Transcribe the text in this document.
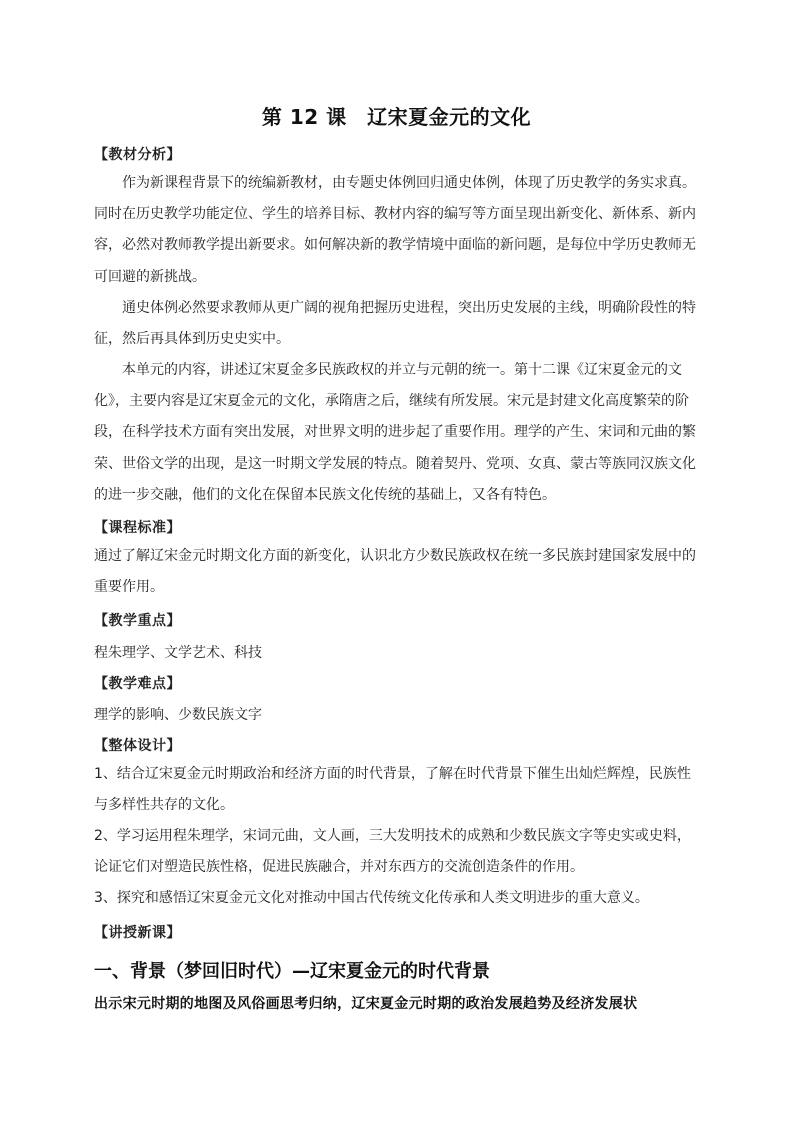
第 12 课　辽宋夏金元的文化
【教材分析】
作为新课程背景下的统编新教材，由专题史体例回归通史体例，体现了历史教学的务实求真。同时在历史教学功能定位、学生的培养目标、教材内容的编写等方面呈现出新变化、新体系、新内容，必然对教师教学提出新要求。如何解决新的教学情境中面临的新问题，是每位中学历史教师无可回避的新挑战。
通史体例必然要求教师从更广阔的视角把握历史进程，突出历史发展的主线，明确阶段性的特征，然后再具体到历史史实中。
本单元的内容，讲述辽宋夏金多民族政权的并立与元朝的统一。第十二课《辽宋夏金元的文化》，主要内容是辽宋夏金元的文化，承隋唐之后，继续有所发展。宋元是封建文化高度繁荣的阶段，在科学技术方面有突出发展，对世界文明的进步起了重要作用。理学的产生、宋词和元曲的繁荣、世俗文学的出现，是这一时期文学发展的特点。随着契丹、党项、女真、蒙古等族同汉族文化的进一步交融，他们的文化在保留本民族文化传统的基础上，又各有特色。
【课程标准】
通过了解辽宋金元时期文化方面的新变化，认识北方少数民族政权在统一多民族封建国家发展中的重要作用。
【教学重点】
程朱理学、文学艺术、科技
【教学难点】
理学的影响、少数民族文字
【整体设计】
1、结合辽宋夏金元时期政治和经济方面的时代背景，了解在时代背景下催生出灿烂辉煌，民族性与多样性共存的文化。
2、学习运用程朱理学，宋词元曲，文人画，三大发明技术的成熟和少数民族文字等史实或史料，论证它们对塑造民族性格，促进民族融合，并对东西方的交流创造条件的作用。
3、探究和感悟辽宋夏金元文化对推动中国古代传统文化传承和人类文明进步的重大意义。
【讲授新课】
一、背景（梦回旧时代）—辽宋夏金元的时代背景
出示宋元时期的地图及风俗画思考归纳，辽宋夏金元时期的政治发展趋势及经济发展状
